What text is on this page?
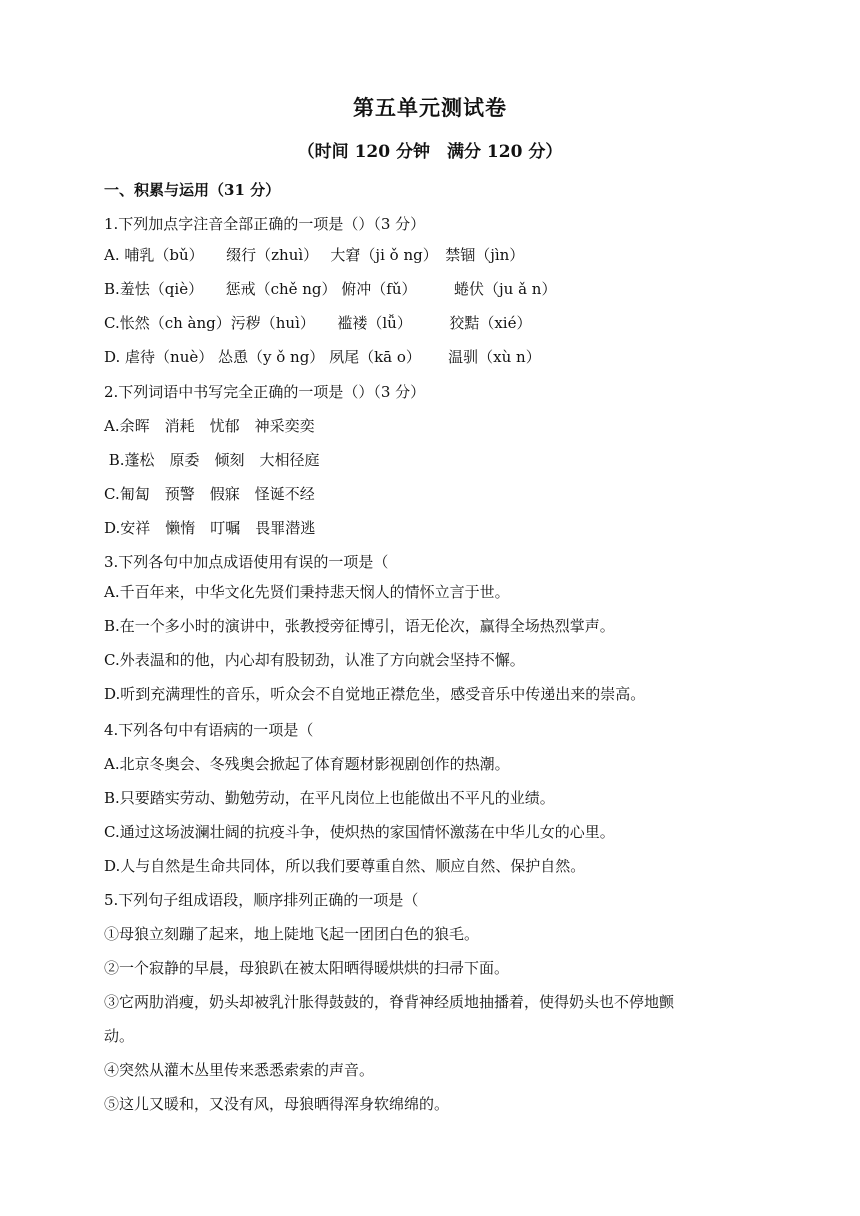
第五单元测试卷
（时间 120 分钟　满分 120 分）
一、积累与运用（31 分）
1.下列加点字注音全部正确的一项是（）（3 分）
A. 哺乳（bǔ）　　缀行（zhuì）　 大窘（ji ǒ ng）　禁锢（jìn）
B.羞怯（qiè）　　惩戒（chě ng） 俯冲（fǔ）　　　蜷伏（ju ǎ n）
C.怅然（ch àng）污秽（huì）　　褴褛（lǚ）　　　狡黠（xié）
D. 虐待（nuè） 怂恿（y ǒ ng） 夙尾（kā o）　　 温驯（xù n）
2.下列词语中书写完全正确的一项是（）（3 分）
A.余晖　消耗　忧郁　神采奕奕
B.蓬松　原委　倾刻　大相径庭
C.匍匐　预警　假寐　怪诞不经
D.安祥　懒惰　叮嘱　畏罪潜逃
3.下列各句中加点成语使用有误的一项是（
A.千百年来，中华文化先贤们秉持悲天悯人的情怀立言于世。
B.在一个多小时的演讲中，张教授旁征博引，语无伦次，赢得全场热烈掌声。
C.外表温和的他，内心却有股韧劲，认准了方向就会坚持不懈。
D.听到充满理性的音乐，听众会不自觉地正襟危坐，感受音乐中传递出来的崇高。
4.下列各句中有语病的一项是（
A.北京冬奥会、冬残奥会掀起了体育题材影视剧创作的热潮。
B.只要踏实劳动、勤勉劳动，在平凡岗位上也能做出不平凡的业绩。
C.通过这场波澜壮阔的抗疫斗争，使炽热的家国情怀激荡在中华儿女的心里。
D.人与自然是生命共同体，所以我们要尊重自然、顺应自然、保护自然。
5.下列句子组成语段，顺序排列正确的一项是（
①母狼立刻蹦了起来，地上陡地飞起一团团白色的狼毛。
②一个寂静的早晨，母狼趴在被太阳晒得暖烘烘的扫帚下面。
③它两肋消瘦，奶头却被乳汁胀得鼓鼓的，脊背神经质地抽播着，使得奶头也不停地颤
动。
④突然从灌木丛里传来悉悉索索的声音。
⑤这儿又暖和，又没有风，母狼晒得浑身软绵绵的。
